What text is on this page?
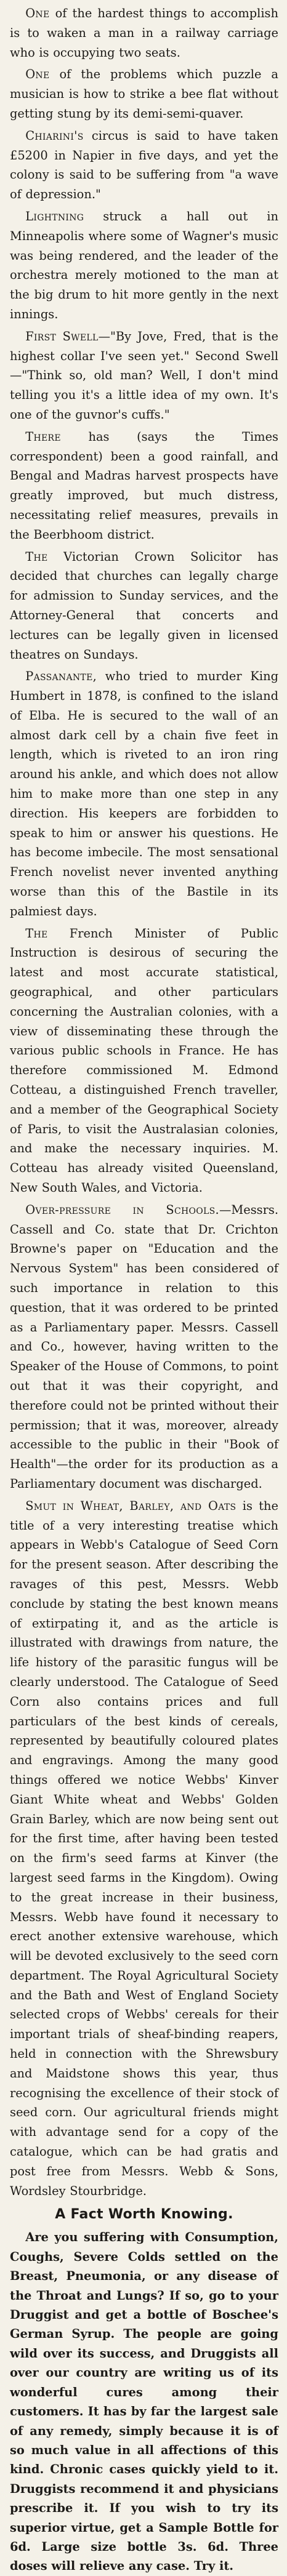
One of the hardest things to accomplish is to waken a man in a railway carriage who is occupying two seats.

One of the problems which puzzle a musician is how to strike a bee flat without getting stung by its demi-semi-quaver.

Chiarini's circus is said to have taken £5200 in Napier in five days, and yet the colony is said to be suffering from "a wave of depression."

Lightning struck a hall out in Minneapolis where some of Wagner's music was being rendered, and the leader of the orchestra merely motioned to the man at the big drum to hit more gently in the next innings.

First Swell—"By Jove, Fred, that is the highest collar I've seen yet." Second Swell—"Think so, old man? Well, I don't mind telling you it's a little idea of my own. It's one of the guvnor's cuffs."

There has (says the Times correspondent) been a good rainfall, and Bengal and Madras harvest prospects have greatly improved, but much distress, necessitating relief measures, prevails in the Beerbhoom district.

The Victorian Crown Solicitor has decided that churches can legally charge for admission to Sunday services, and the Attorney-General that concerts and lectures can be legally given in licensed theatres on Sundays.

Passanante, who tried to murder King Humbert in 1878, is confined to the island of Elba. He is secured to the wall of an almost dark cell by a chain five feet in length, which is riveted to an iron ring around his ankle, and which does not allow him to make more than one step in any direction. His keepers are forbidden to speak to him or answer his questions. He has become imbecile. The most sensational French novelist never invented anything worse than this of the Bastile in its palmiest days.

The French Minister of Public Instruction is desirous of securing the latest and most accurate statistical, geographical, and other particulars concerning the Australian colonies, with a view of disseminating these through the various public schools in France. He has therefore commissioned M. Edmond Cotteau, a distinguished French traveller, and a member of the Geographical Society of Paris, to visit the Australasian colonies, and make the necessary inquiries. M. Cotteau has already visited Queensland, New South Wales, and Victoria.

Over-pressure in Schools.—Messrs. Cassell and Co. state that Dr. Crichton Browne's paper on "Education and the Nervous System" has been considered of such importance in relation to this question, that it was ordered to be printed as a Parliamentary paper. Messrs. Cassell and Co., however, having written to the Speaker of the House of Commons, to point out that it was their copyright, and therefore could not be printed without their permission; that it was, moreover, already accessible to the public in their "Book of Health"—the order for its production as a Parliamentary document was discharged.

Smut in Wheat, Barley, and Oats is the title of a very interesting treatise which appears in Webb's Catalogue of Seed Corn for the present season. After describing the ravages of this pest, Messrs. Webb conclude by stating the best known means of extirpating it, and as the article is illustrated with drawings from nature, the life history of the parasitic fungus will be clearly understood. The Catalogue of Seed Corn also contains prices and full particulars of the best kinds of cereals, represented by beautifully coloured plates and engravings. Among the many good things offered we notice Webbs' Kinver Giant White wheat and Webbs' Golden Grain Barley, which are now being sent out for the first time, after having been tested on the firm's seed farms at Kinver (the largest seed farms in the Kingdom). Owing to the great increase in their business, Messrs. Webb have found it necessary to erect another extensive warehouse, which will be devoted exclusively to the seed corn department. The Royal Agricultural Society and the Bath and West of England Society selected crops of Webbs' cereals for their important trials of sheaf-binding reapers, held in connection with the Shrewsbury and Maidstone shows this year, thus recognising the excellence of their stock of seed corn. Our agricultural friends might with advantage send for a copy of the catalogue, which can be had gratis and post free from Messrs. Webb & Sons, Wordsley Stourbridge.

A Fact Worth Knowing.

Are you suffering with Consumption, Coughs, Severe Colds settled on the Breast, Pneumonia, or any disease of the Throat and Lungs? If so, go to your Druggist and get a bottle of Boschee's German Syrup. The people are going wild over its success, and Druggists all over our country are writing us of its wonderful cures among their customers. It has by far the largest sale of any remedy, simply because it is of so much value in all affections of this kind. Chronic cases quickly yield to it. Druggists recommend it and physicians prescribe it. If you wish to try its superior virtue, get a Sample Bottle for 6d. Large size bottle 3s. 6d. Three doses will relieve any case. Try it.
